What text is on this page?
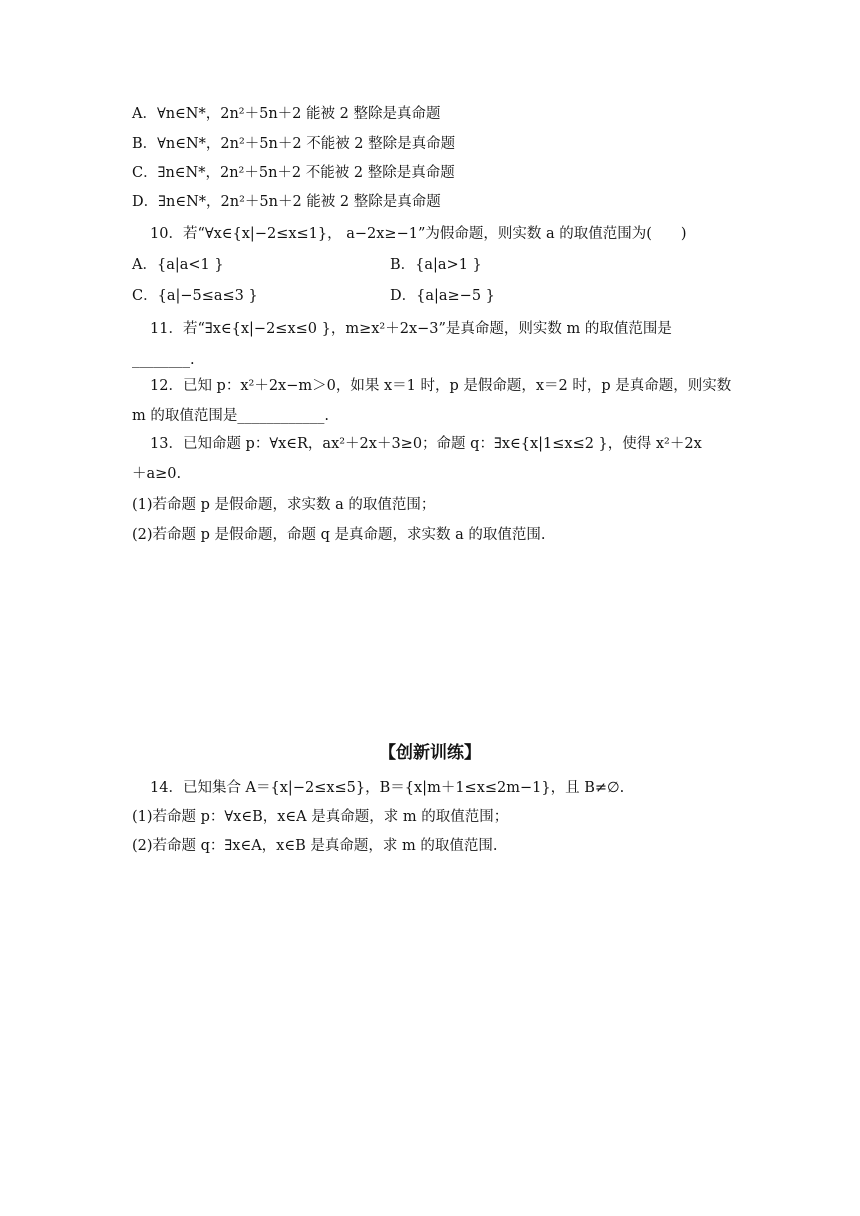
A．∀n∈N*，2n²＋5n＋2 能被 2 整除是真命题
B．∀n∈N*，2n²＋5n＋2 不能被 2 整除是真命题
C．∃n∈N*，2n²＋5n＋2 不能被 2 整除是真命题
D．∃n∈N*，2n²＋5n＋2 能被 2 整除是真命题
10．若“∀x∈{x|−2≤x≤1}， a−2x≥−1”为假命题，则实数 a 的取值范围为(　　)
A．{a|a<1 }	B．{a|a>1 }
C．{a|−5≤a≤3 }	D．{a|a≥−5 }
11．若“∃x∈{x|−2≤x≤0 }，m≥x²＋2x−3”是真命题，则实数 m 的取值范围是
________.
12．已知 p：x²＋2x−m＞0，如果 x＝1 时，p 是假命题，x＝2 时，p 是真命题，则实数
m 的取值范围是____________.
13．已知命题 p：∀x∈R，ax²＋2x＋3≥0；命题 q：∃x∈{x|1≤x≤2 }，使得 x²＋2x
＋a≥0.
(1)若命题 p 是假命题，求实数 a 的取值范围；
(2)若命题 p 是假命题，命题 q 是真命题，求实数 a 的取值范围.
【创新训练】
14．已知集合 A＝{x|−2≤x≤5}，B＝{x|m＋1≤x≤2m−1}，且 B≠∅.
(1)若命题 p：∀x∈B，x∈A 是真命题，求 m 的取值范围；
(2)若命题 q：∃x∈A，x∈B 是真命题，求 m 的取值范围.
